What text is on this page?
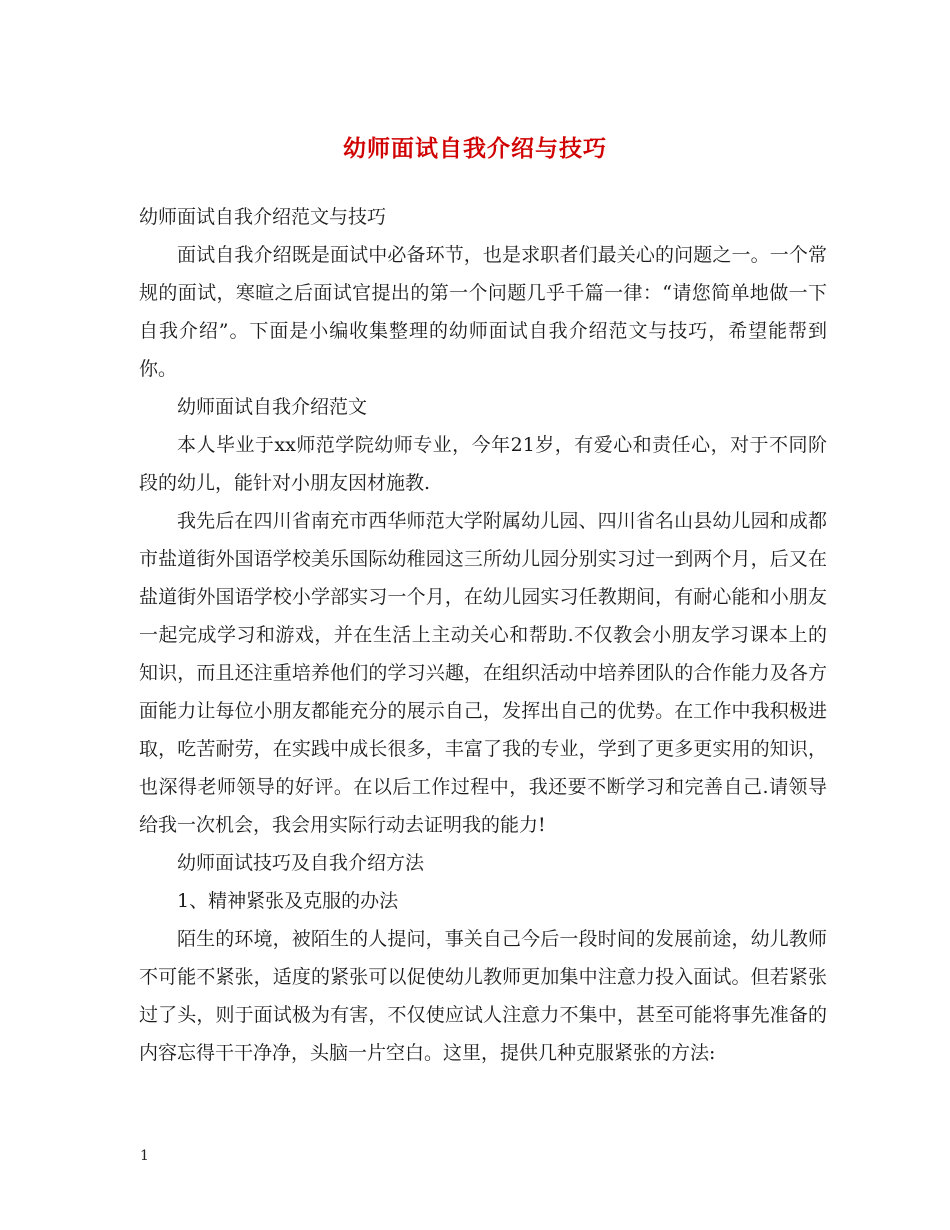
幼师面试自我介绍与技巧

幼师面试自我介绍范文与技巧

面试自我介绍既是面试中必备环节，也是求职者们最关心的问题之一。一个常规的面试，寒暄之后面试官提出的第一个问题几乎千篇一律：“请您简单地做一下自我介绍”。下面是小编收集整理的幼师面试自我介绍范文与技巧，希望能帮到你。

幼师面试自我介绍范文

本人毕业于xx师范学院幼师专业，今年21岁，有爱心和责任心，对于不同阶段的幼儿，能针对小朋友因材施教.

我先后在四川省南充市西华师范大学附属幼儿园、四川省名山县幼儿园和成都市盐道街外国语学校美乐国际幼稚园这三所幼儿园分别实习过一到两个月，后又在盐道街外国语学校小学部实习一个月，在幼儿园实习任教期间，有耐心能和小朋友一起完成学习和游戏，并在生活上主动关心和帮助.不仅教会小朋友学习课本上的知识，而且还注重培养他们的学习兴趣，在组织活动中培养团队的合作能力及各方面能力让每位小朋友都能充分的展示自己，发挥出自己的优势。在工作中我积极进取，吃苦耐劳，在实践中成长很多，丰富了我的专业，学到了更多更实用的知识，也深得老师领导的好评。在以后工作过程中，我还要不断学习和完善自己.请领导给我一次机会，我会用实际行动去证明我的能力!

幼师面试技巧及自我介绍方法

1、精神紧张及克服的办法

陌生的环境，被陌生的人提问，事关自己今后一段时间的发展前途，幼儿教师不可能不紧张，适度的紧张可以促使幼儿教师更加集中注意力投入面试。但若紧张过了头，则于面试极为有害，不仅使应试人注意力不集中，甚至可能将事先准备的内容忘得干干净净，头脑一片空白。这里，提供几种克服紧张的方法:

1
